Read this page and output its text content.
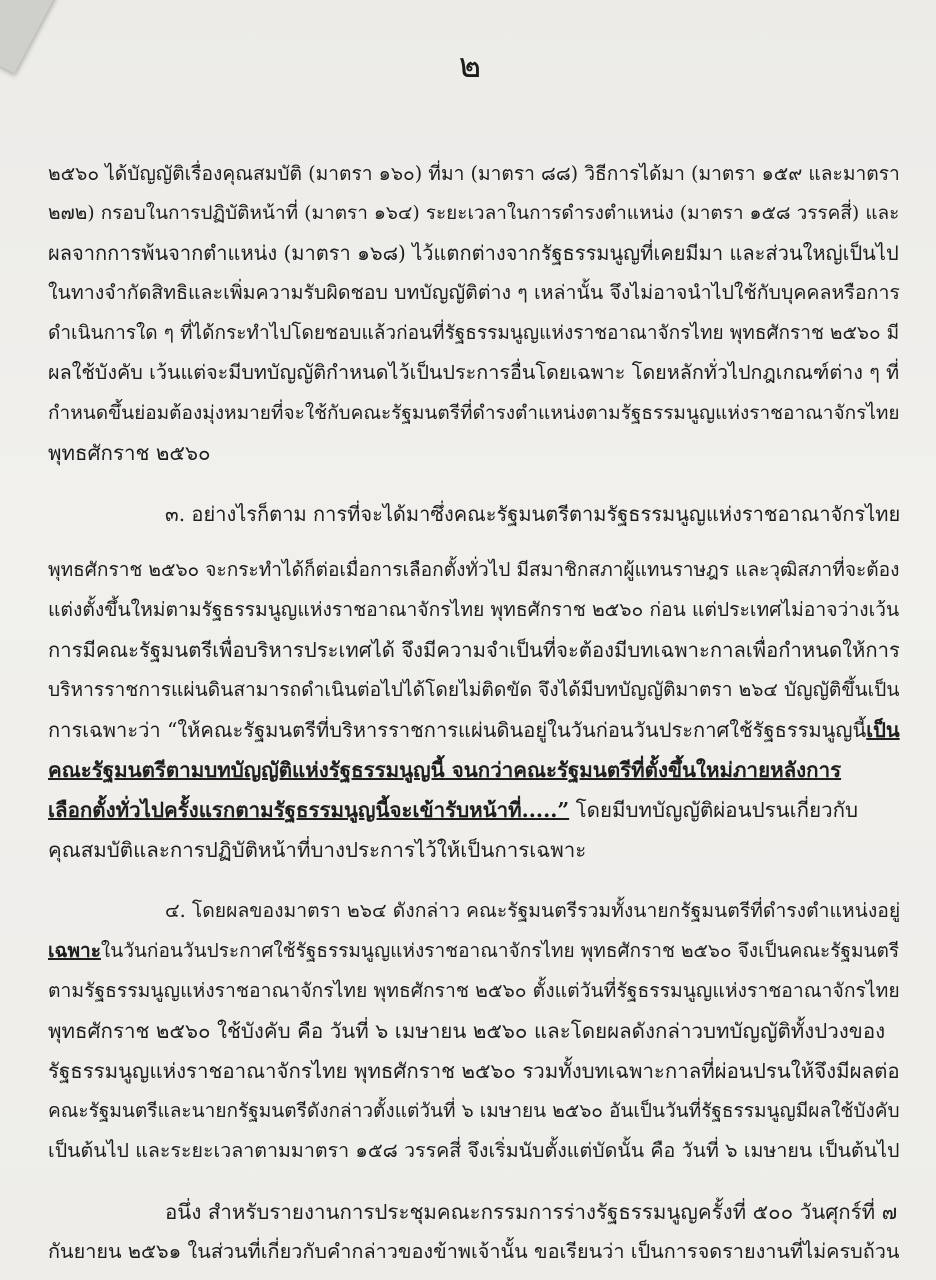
๒
๒๕๖๐ ได้บัญญัติเรื่องคุณสมบัติ (มาตรา ๑๖๐) ที่มา (มาตรา ๘๘) วิธีการได้มา (มาตรา ๑๕๙ และมาตรา
๒๗๒) กรอบในการปฏิบัติหน้าที่ (มาตรา ๑๖๔) ระยะเวลาในการดำรงตำแหน่ง (มาตรา ๑๕๘ วรรคสี่) และ
ผลจากการพ้นจากตำแหน่ง (มาตรา ๑๖๘) ไว้แตกต่างจากรัฐธรรมนูญที่เคยมีมา และส่วนใหญ่เป็นไป
ในทางจำกัดสิทธิและเพิ่มความรับผิดชอบ บทบัญญัติต่าง ๆ เหล่านั้น จึงไม่อาจนำไปใช้กับบุคคลหรือการ
ดำเนินการใด ๆ ที่ได้กระทำไปโดยชอบแล้วก่อนที่รัฐธรรมนูญแห่งราชอาณาจักรไทย พุทธศักราช ๒๕๖๐ มี
ผลใช้บังคับ เว้นแต่จะมีบทบัญญัติกำหนดไว้เป็นประการอื่นโดยเฉพาะ โดยหลักทั่วไปกฎเกณฑ์ต่าง ๆ ที่
กำหนดขึ้นย่อมต้องมุ่งหมายที่จะใช้กับคณะรัฐมนตรีที่ดำรงตำแหน่งตามรัฐธรรมนูญแห่งราชอาณาจักรไทย
พุทธศักราช ๒๕๖๐
๓. อย่างไรก็ตาม การที่จะได้มาซึ่งคณะรัฐมนตรีตามรัฐธรรมนูญแห่งราชอาณาจักรไทย
พุทธศักราช ๒๕๖๐ จะกระทำได้ก็ต่อเมื่อการเลือกตั้งทั่วไป มีสมาชิกสภาผู้แทนราษฎร และวุฒิสภาที่จะต้อง
แต่งตั้งขึ้นใหม่ตามรัฐธรรมนูญแห่งราชอาณาจักรไทย พุทธศักราช ๒๕๖๐ ก่อน แต่ประเทศไม่อาจว่างเว้น
การมีคณะรัฐมนตรีเพื่อบริหารประเทศได้ จึงมีความจำเป็นที่จะต้องมีบทเฉพาะกาลเพื่อกำหนดให้การ
บริหารราชการแผ่นดินสามารถดำเนินต่อไปได้โดยไม่ติดขัด จึงได้มีบทบัญญัติมาตรา ๒๖๔ บัญญัติขึ้นเป็น
การเฉพาะว่า “ให้คณะรัฐมนตรีที่บริหารราชการแผ่นดินอยู่ในวันก่อนวันประกาศใช้รัฐธรรมนูญนี้เป็น
คณะรัฐมนตรีตามบทบัญญัติแห่งรัฐธรรมนูญนี้ จนกว่าคณะรัฐมนตรีที่ตั้งขึ้นใหม่ภายหลังการ
เลือกตั้งทั่วไปครั้งแรกตามรัฐธรรมนูญนี้จะเข้ารับหน้าที่.....” โดยมีบทบัญญัติผ่อนปรนเกี่ยวกับ
คุณสมบัติและการปฏิบัติหน้าที่บางประการไว้ให้เป็นการเฉพาะ
๔. โดยผลของมาตรา ๒๖๔ ดังกล่าว คณะรัฐมนตรีรวมทั้งนายกรัฐมนตรีที่ดำรงตำแหน่งอยู่
เฉพาะในวันก่อนวันประกาศใช้รัฐธรรมนูญแห่งราชอาณาจักรไทย พุทธศักราช ๒๕๖๐ จึงเป็นคณะรัฐมนตรี
ตามรัฐธรรมนูญแห่งราชอาณาจักรไทย พุทธศักราช ๒๕๖๐ ตั้งแต่วันที่รัฐธรรมนูญแห่งราชอาณาจักรไทย
พุทธศักราช ๒๕๖๐ ใช้บังคับ คือ วันที่ ๖ เมษายน ๒๕๖๐ และโดยผลดังกล่าวบทบัญญัติทั้งปวงของ
รัฐธรรมนูญแห่งราชอาณาจักรไทย พุทธศักราช ๒๕๖๐ รวมทั้งบทเฉพาะกาลที่ผ่อนปรนให้จึงมีผลต่อ
คณะรัฐมนตรีและนายกรัฐมนตรีดังกล่าวตั้งแต่วันที่ ๖ เมษายน ๒๕๖๐ อันเป็นวันที่รัฐธรรมนูญมีผลใช้บังคับ
เป็นต้นไป และระยะเวลาตามมาตรา ๑๕๘ วรรคสี่ จึงเริ่มนับตั้งแต่บัดนั้น คือ วันที่ ๖ เมษายน เป็นต้นไป
อนึ่ง สำหรับรายงานการประชุมคณะกรรมการร่างรัฐธรรมนูญครั้งที่ ๕๐๐ วันศุกร์ที่ ๗
กันยายน ๒๕๖๑ ในส่วนที่เกี่ยวกับคำกล่าวของข้าพเจ้านั้น ขอเรียนว่า เป็นการจดรายงานที่ไม่ครบถ้วน
